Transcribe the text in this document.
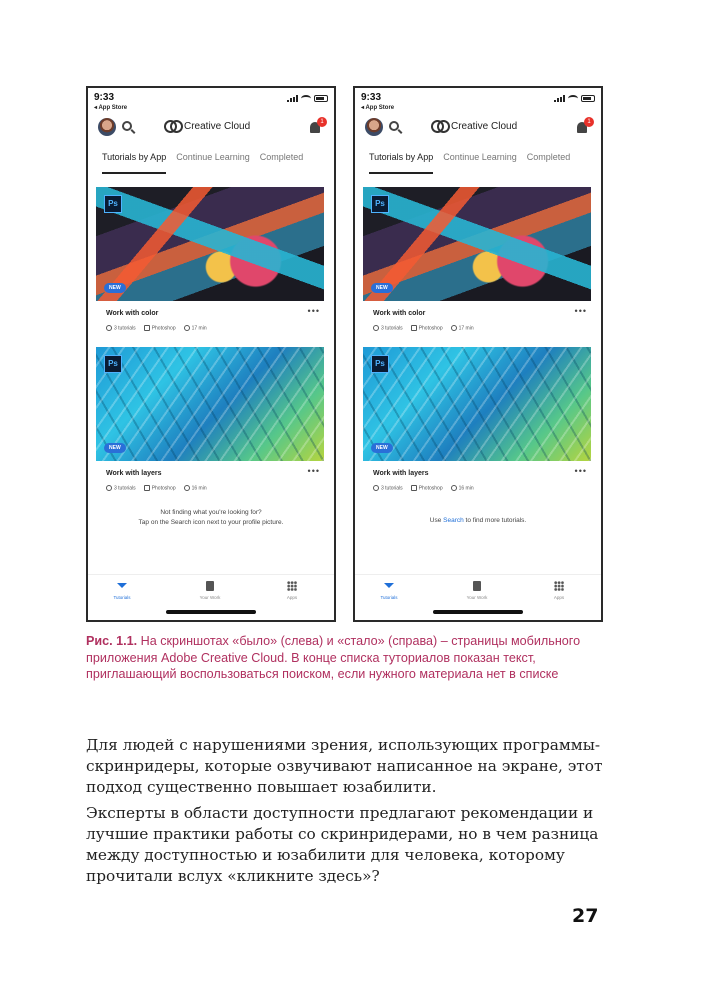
9:33
◂ App Store
Creative Cloud	1
Tutorials by App Continue Learning Completed
Ps
NEW
Work with color	•••
3 tutorials	Photoshop	17 min
Ps
NEW
Work with layers	•••
3 tutorials	Photoshop	16 min
Not finding what you're looking for?
Tap on the Search icon next to your profile picture.
Tutorials	Your Work	Apps
9:33
◂ App Store
Creative Cloud	1
Tutorials by App Continue Learning Completed
Ps
NEW
Work with color	•••
3 tutorials	Photoshop	17 min
Ps
NEW
Work with layers	•••
3 tutorials	Photoshop	16 min
Use Search to find more tutorials.
Tutorials	Your Work	Apps
Рис. 1.1. На скриншотах «было» (слева) и «стало» (справа) – страницы мобильного приложения Adobe Creative Cloud. В конце списка туториалов показан текст, приглашающий воспользоваться поиском, если нужного материала нет в списке

Для людей с нарушениями зрения, использующих программы-скринридеры, которые озвучивают написанное на экране, этот подход существенно повышает юзабилити.

Эксперты в области доступности предлагают рекомендации и лучшие практики работы со скринридерами, но в чем разница между доступностью и юзабилити для человека, которому прочитали вслух «кликните здесь»?

27
